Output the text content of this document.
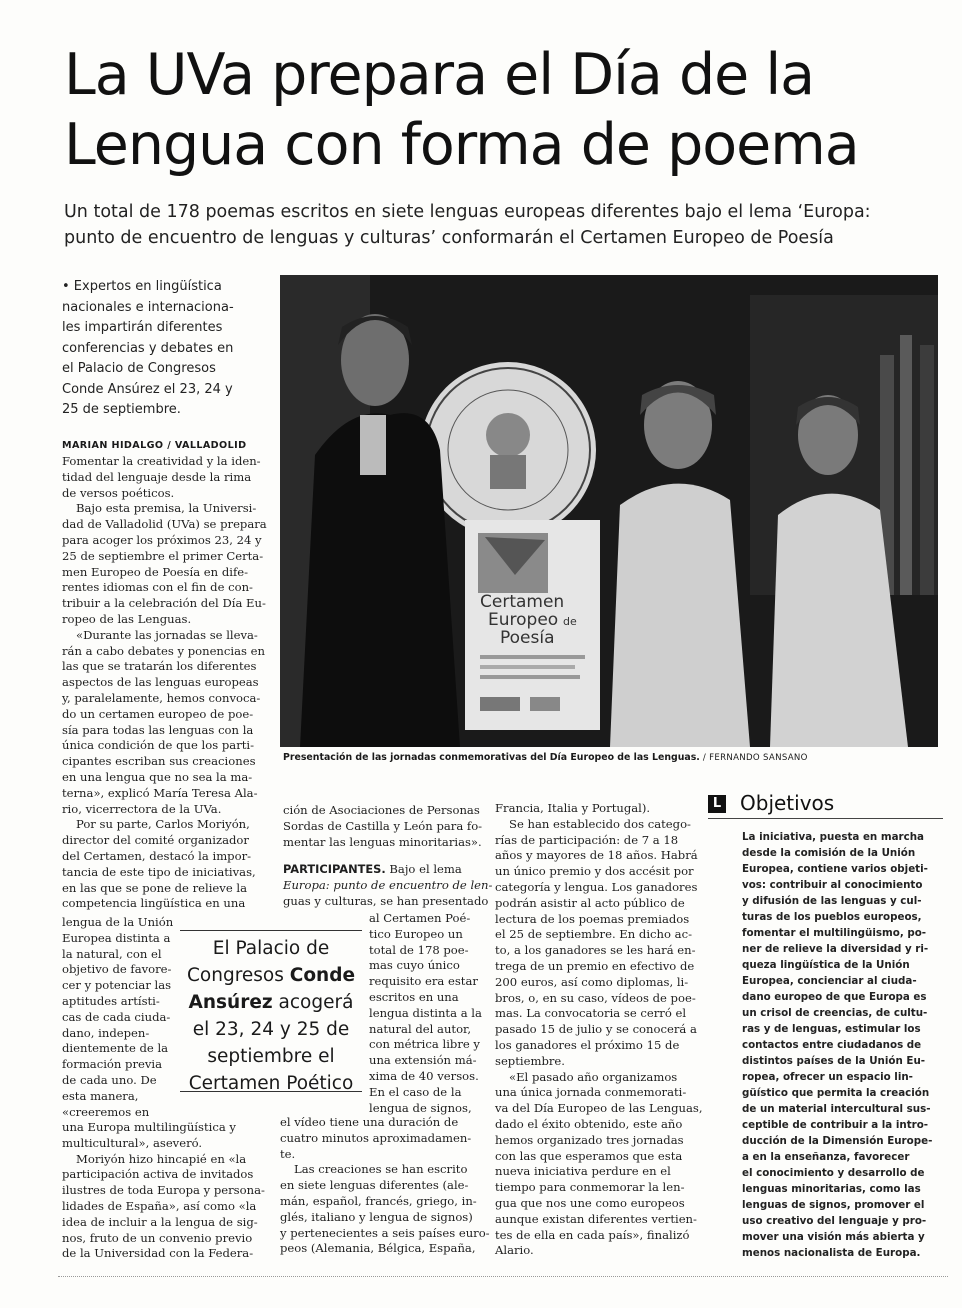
La UVa prepara el Día de la
Lengua con forma de poema
Un total de 178 poemas escritos en siete lenguas europeas diferentes bajo el lema ‘Europa:
punto de encuentro de lenguas y culturas’ conformarán el Certamen Europeo de Poesía
• Expertos en lingüística
nacionales e internaciona-
les impartirán diferentes
conferencias y debates en
el Palacio de Congresos
Conde Ansúrez el 23, 24 y
25 de septiembre.
MARIAN HIDALGO / VALLADOLID
Fomentar la creatividad y la iden-
tidad del lenguaje desde la rima
de versos poéticos.
Bajo esta premisa, la Universi-
dad de Valladolid (UVa) se prepara
para acoger los próximos 23, 24 y
25 de septiembre el primer Certa-
men Europeo de Poesía en dife-
rentes idiomas con el fin de con-
tribuir a la celebración del Día Eu-
ropeo de las Lenguas.
«Durante las jornadas se lleva-
rán a cabo debates y ponencias en
las que se tratarán los diferentes
aspectos de las lenguas europeas
y, paralelamente, hemos convoca-
do un certamen europeo de poe-
sía para todas las lenguas con la
única condición de que los parti-
cipantes escriban sus creaciones
en una lengua que no sea la ma-
terna», explicó María Teresa Ala-
rio, vicerrectora de la UVa.
Por su parte, Carlos Moriyón,
director del comité organizador
del Certamen, destacó la impor-
tancia de este tipo de iniciativas,
en las que se pone de relieve la
competencia lingüística en una
lengua de la Unión
Europea distinta a
la natural, con el
objetivo de favore-
cer y potenciar las
aptitudes artísti-
cas de cada ciuda-
dano, indepen-
dientemente de la
formación previa
de cada uno. De
esta manera,
«creeremos en
una Europa multilingüística y
multicultural», aseveró.
Moriyón hizo hincapié en «la
participación activa de invitados
ilustres de toda Europa y persona-
lidades de España», así como «la
idea de incluir a la lengua de sig-
nos, fruto de un convenio previo
de la Universidad con la Federa-
ción de Asociaciones de Personas
Sordas de Castilla y León para fo-
mentar las lenguas minoritarias».
PARTICIPANTES. Bajo el lema
Europa: punto de encuentro de len-
guas y culturas, se han presentado
al Certamen Poé-
tico Europeo un
total de 178 poe-
mas cuyo único
requisito era estar
escritos en una
lengua distinta a la
natural del autor,
con métrica libre y
una extensión má-
xima de 40 versos.
En el caso de la
lengua de signos,
el vídeo tiene una duración de
cuatro minutos aproximadamen-
te.
Las creaciones se han escrito
en siete lenguas diferentes (ale-
mán, español, francés, griego, in-
glés, italiano y lengua de signos)
y pertenecientes a seis países euro-
peos (Alemania, Bélgica, España,
Francia, Italia y Portugal).
Se han establecido dos catego-
rías de participación: de 7 a 18
años y mayores de 18 años. Habrá
un único premio y dos accésit por
categoría y lengua. Los ganadores
podrán asistir al acto público de
lectura de los poemas premiados
el 25 de septiembre. En dicho ac-
to, a los ganadores se les hará en-
trega de un premio en efectivo de
200 euros, así como diplomas, li-
bros, o, en su caso, vídeos de poe-
mas. La convocatoria se cerró el
pasado 15 de julio y se conocerá a
los ganadores el próximo 15 de
septiembre.
«El pasado año organizamos
una única jornada conmemorati-
va del Día Europeo de las Lenguas,
dado el éxito obtenido, este año
hemos organizado tres jornadas
con las que esperamos que esta
nueva iniciativa perdure en el
tiempo para conmemorar la len-
gua que nos une como europeos
aunque existan diferentes vertien-
tes de ella en cada país», finalizó
Alario.
El Palacio de
Congresos Conde
Ansúrez acogerá
el 23, 24 y 25 de
septiembre el
Certamen Poético
Certamen
Europeo de
Poesía
Presentación de las jornadas conmemorativas del Día Europeo de las Lenguas. / FERNANDO SANSANO
L Objetivos
La iniciativa, puesta en marcha
desde la comisión de la Unión
Europea, contiene varios objeti-
vos: contribuir al conocimiento
y difusión de las lenguas y cul-
turas de los pueblos europeos,
fomentar el multilingüismo, po-
ner de relieve la diversidad y ri-
queza lingüística de la Unión
Europea, concienciar al ciuda-
dano europeo de que Europa es
un crisol de creencias, de cultu-
ras y de lenguas, estimular los
contactos entre ciudadanos de
distintos países de la Unión Eu-
ropea, ofrecer un espacio lin-
güístico que permita la creación
de un material intercultural sus-
ceptible de contribuir a la intro-
ducción de la Dimensión Europe-
a en la enseñanza, favorecer
el conocimiento y desarrollo de
lenguas minoritarias, como las
lenguas de signos, promover el
uso creativo del lenguaje y pro-
mover una visión más abierta y
menos nacionalista de Europa.
